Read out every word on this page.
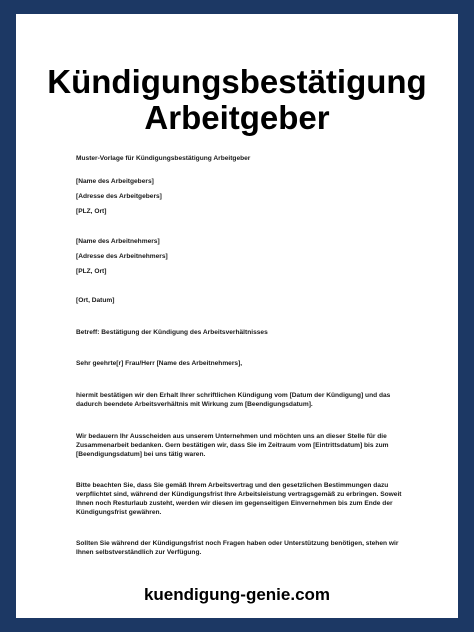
Kündigungsbestätigung
Arbeitgeber

Muster-Vorlage für Kündigungsbestätigung Arbeitgeber

[Name des Arbeitgebers]

[Adresse des Arbeitgebers]

[PLZ, Ort]

[Name des Arbeitnehmers]

[Adresse des Arbeitnehmers]

[PLZ, Ort]

[Ort, Datum]

Betreff: Bestätigung der Kündigung des Arbeitsverhältnisses

Sehr geehrte[r] Frau/Herr [Name des Arbeitnehmers],

hiermit bestätigen wir den Erhalt Ihrer schriftlichen Kündigung vom [Datum der Kündigung] und das dadurch beendete Arbeitsverhältnis mit Wirkung zum [Beendigungsdatum].

Wir bedauern Ihr Ausscheiden aus unserem Unternehmen und möchten uns an dieser Stelle für die Zusammenarbeit bedanken. Gern bestätigen wir, dass Sie im Zeitraum vom [Eintrittsdatum] bis zum [Beendigungsdatum] bei uns tätig waren.

Bitte beachten Sie, dass Sie gemäß Ihrem Arbeitsvertrag und den gesetzlichen Bestimmungen dazu verpflichtet sind, während der Kündigungsfrist Ihre Arbeitsleistung vertragsgemäß zu erbringen. Soweit Ihnen noch Resturlaub zusteht, werden wir diesen im gegenseitigen Einvernehmen bis zum Ende der Kündigungsfrist gewähren.

Sollten Sie während der Kündigungsfrist noch Fragen haben oder Unterstützung benötigen, stehen wir Ihnen selbstverständlich zur Verfügung.

kuendigung-genie.com
